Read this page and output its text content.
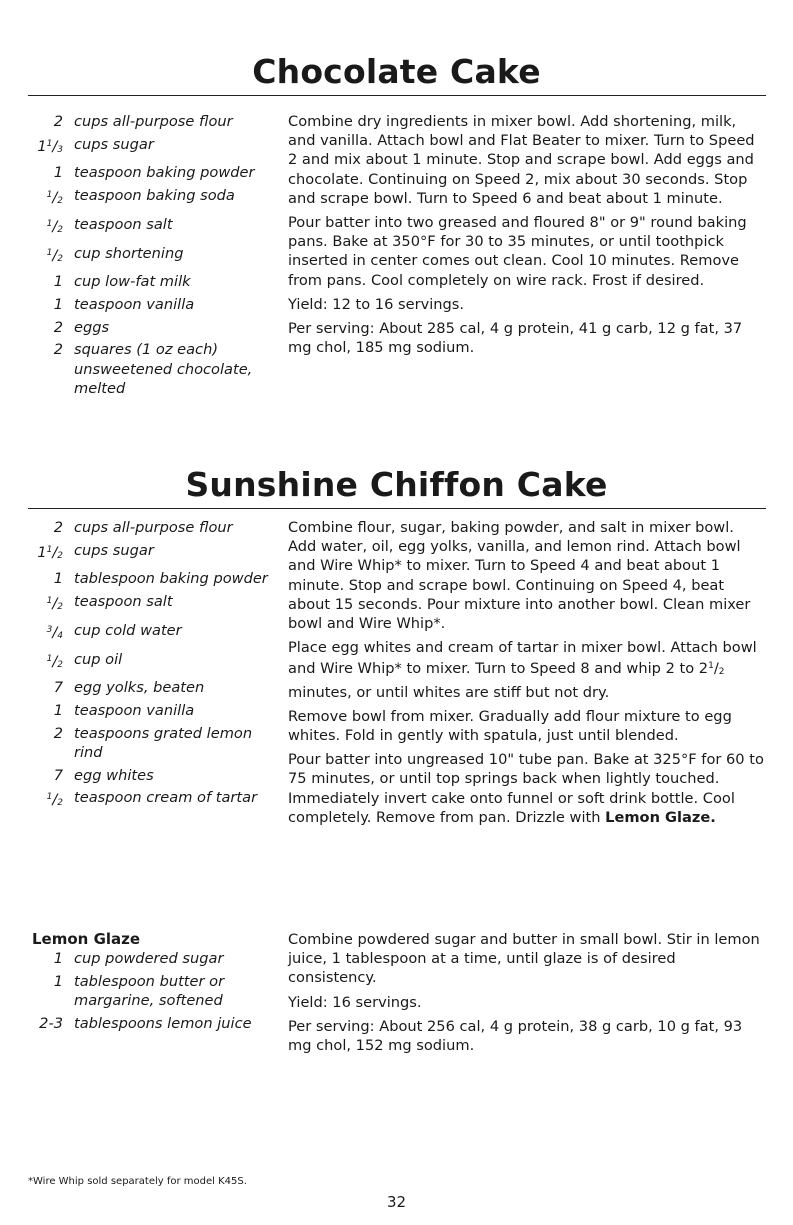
Chocolate Cake
2 cups all-purpose flour
$1^1/_3$ cups sugar
1 teaspoon baking powder
$^1/_2$ teaspoon baking soda
$^1/_2$ teaspoon salt
$^1/_2$ cup shortening
1 cup low-fat milk
1 teaspoon vanilla
2 eggs
2 squares (1 oz each) unsweetened chocolate, melted

Combine dry ingredients in mixer bowl. Add shortening, milk, and vanilla. Attach bowl and Flat Beater to mixer. Turn to Speed 2 and mix about 1 minute. Stop and scrape bowl. Add eggs and chocolate. Continuing on Speed 2, mix about 30 seconds. Stop and scrape bowl. Turn to Speed 6 and beat about 1 minute.

Pour batter into two greased and floured 8" or 9" round baking pans. Bake at 350°F for 30 to 35 minutes, or until toothpick inserted in center comes out clean. Cool 10 minutes. Remove from pans. Cool completely on wire rack. Frost if desired.

Yield: 12 to 16 servings.

Per serving: About 285 cal, 4 g protein, 41 g carb, 12 g fat, 37 mg chol, 185 mg sodium.

Sunshine Chiffon Cake
2 cups all-purpose flour
$1^1/_2$ cups sugar
1 tablespoon baking powder
$^1/_2$ teaspoon salt
$^3/_4$ cup cold water
$^1/_2$ cup oil
7 egg yolks, beaten
1 teaspoon vanilla
2 teaspoons grated lemon rind
7 egg whites
$^1/_2$ teaspoon cream of tartar

Combine flour, sugar, baking powder, and salt in mixer bowl. Add water, oil, egg yolks, vanilla, and lemon rind. Attach bowl and Wire Whip* to mixer. Turn to Speed 4 and beat about 1 minute. Stop and scrape bowl. Continuing on Speed 4, beat about 15 seconds. Pour mixture into another bowl. Clean mixer bowl and Wire Whip*.

Place egg whites and cream of tartar in mixer bowl. Attach bowl and Wire Whip* to mixer. Turn to Speed 8 and whip 2 to $2^1/_2$ minutes, or until whites are stiff but not dry.

Remove bowl from mixer. Gradually add flour mixture to egg whites. Fold in gently with spatula, just until blended.

Pour batter into ungreased 10" tube pan. Bake at 325°F for 60 to 75 minutes, or until top springs back when lightly touched. Immediately invert cake onto funnel or soft drink bottle. Cool completely. Remove from pan. Drizzle with Lemon Glaze.

Lemon Glaze
1 cup powdered sugar
1 tablespoon butter or margarine, softened
2-3 tablespoons lemon juice

Combine powdered sugar and butter in small bowl. Stir in lemon juice, 1 tablespoon at a time, until glaze is of desired consistency.

Yield: 16 servings.

Per serving: About 256 cal, 4 g protein, 38 g carb, 10 g fat, 93 mg chol, 152 mg sodium.

*Wire Whip sold separately for model K45S.
32
